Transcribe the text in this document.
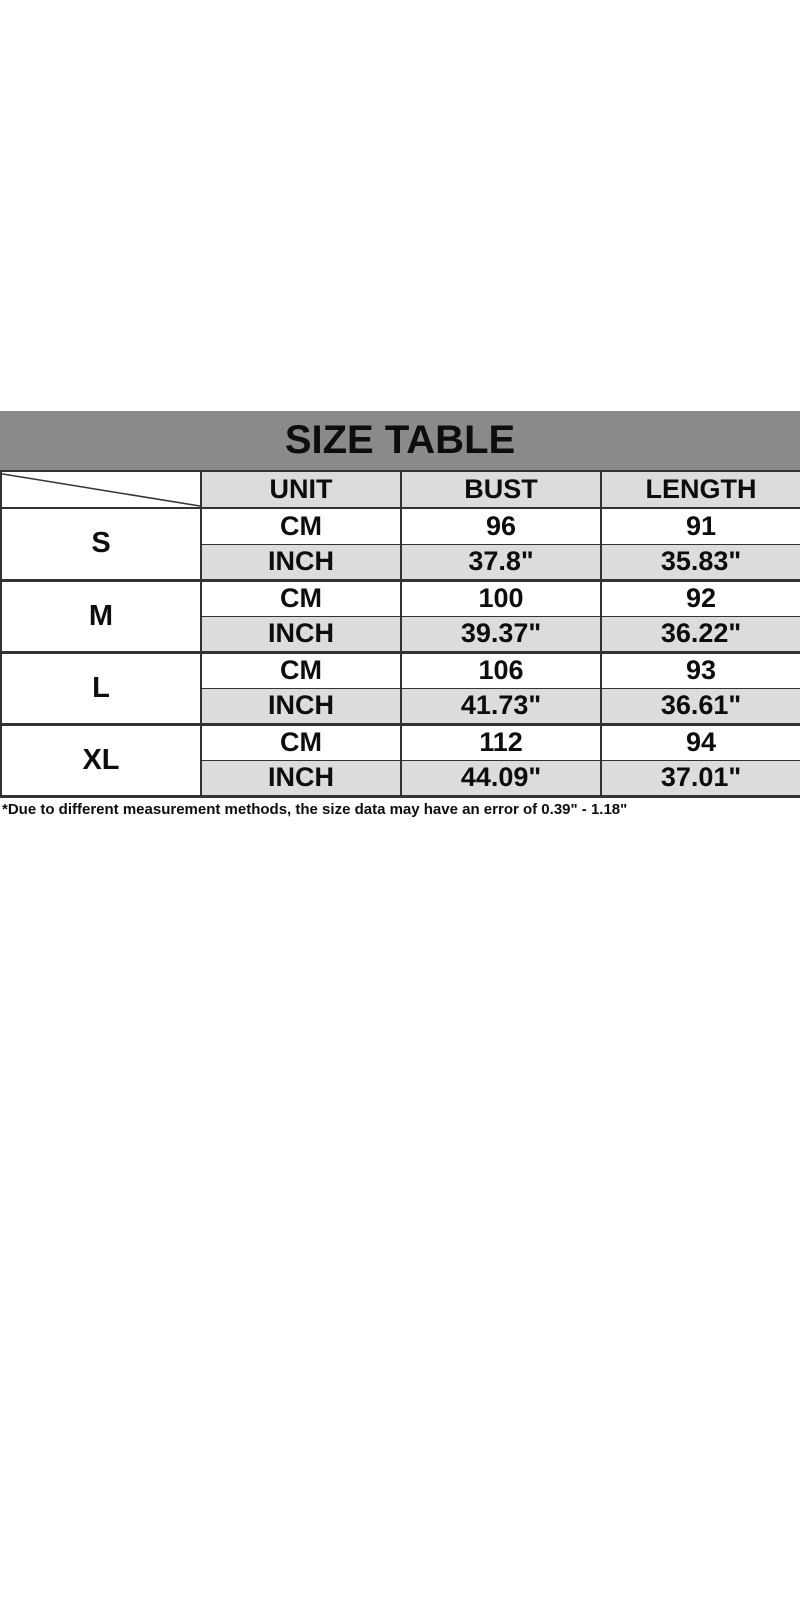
SIZE TABLE
	UNIT	BUST	LENGTH
S	CM	96	91
	INCH	37.8"	35.83"
M	CM	100	92
	INCH	39.37"	36.22"
L	CM	106	93
	INCH	41.73"	36.61"
XL	CM	112	94
	INCH	44.09"	37.01"
*Due to different measurement methods, the size data may have an error of 0.39" - 1.18"
